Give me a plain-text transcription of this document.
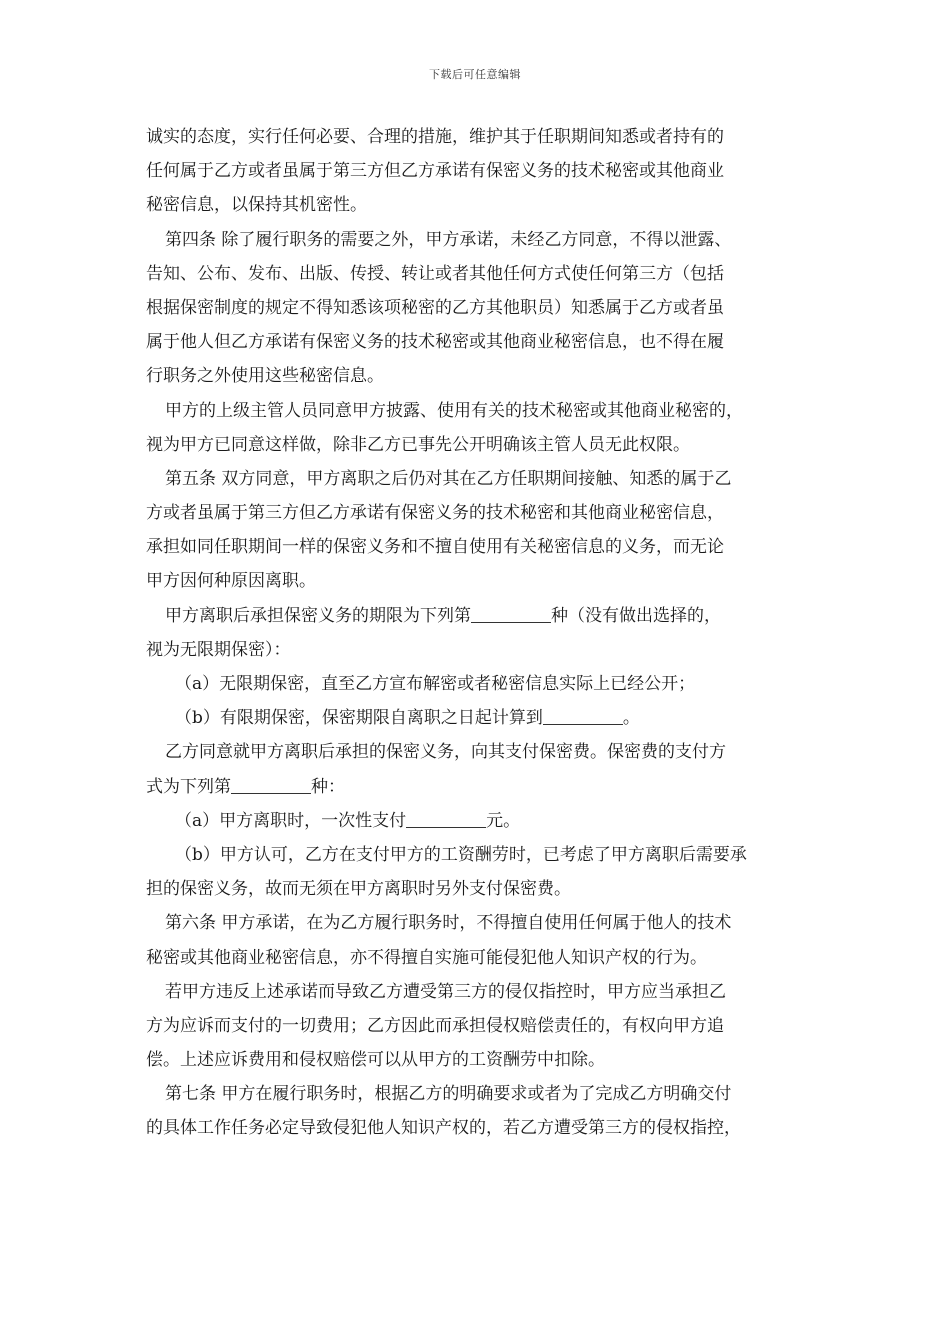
下载后可任意编辑
诚实的态度，实行任何必要、合理的措施，维护其于任职期间知悉或者持有的
任何属于乙方或者虽属于第三方但乙方承诺有保密义务的技术秘密或其他商业
秘密信息，以保持其机密性。
第四条 除了履行职务的需要之外，甲方承诺，未经乙方同意，不得以泄露、
告知、公布、发布、出版、传授、转让或者其他任何方式使任何第三方（包括
根据保密制度的规定不得知悉该项秘密的乙方其他职员）知悉属于乙方或者虽
属于他人但乙方承诺有保密义务的技术秘密或其他商业秘密信息，也不得在履
行职务之外使用这些秘密信息。
甲方的上级主管人员同意甲方披露、使用有关的技术秘密或其他商业秘密的，
视为甲方已同意这样做，除非乙方已事先公开明确该主管人员无此权限。
第五条 双方同意，甲方离职之后仍对其在乙方任职期间接触、知悉的属于乙
方或者虽属于第三方但乙方承诺有保密义务的技术秘密和其他商业秘密信息，
承担如同任职期间一样的保密义务和不擅自使用有关秘密信息的义务，而无论
甲方因何种原因离职。
甲方离职后承担保密义务的期限为下列第	种（没有做出选择的，
视为无限期保密）：
（a）无限期保密，直至乙方宣布解密或者秘密信息实际上已经公开；
（b）有限期保密，保密期限自离职之日起计算到	。
乙方同意就甲方离职后承担的保密义务，向其支付保密费。保密费的支付方
式为下列第	种：
（a）甲方离职时，一次性支付	元。
（b）甲方认可，乙方在支付甲方的工资酬劳时，已考虑了甲方离职后需要承
担的保密义务，故而无须在甲方离职时另外支付保密费。
第六条 甲方承诺，在为乙方履行职务时，不得擅自使用任何属于他人的技术
秘密或其他商业秘密信息，亦不得擅自实施可能侵犯他人知识产权的行为。
若甲方违反上述承诺而导致乙方遭受第三方的侵仅指控时，甲方应当承担乙
方为应诉而支付的一切费用；乙方因此而承担侵权赔偿责任的，有权向甲方追
偿。上述应诉费用和侵权赔偿可以从甲方的工资酬劳中扣除。
第七条 甲方在履行职务时，根据乙方的明确要求或者为了完成乙方明确交付
的具体工作任务必定导致侵犯他人知识产权的，若乙方遭受第三方的侵权指控，
